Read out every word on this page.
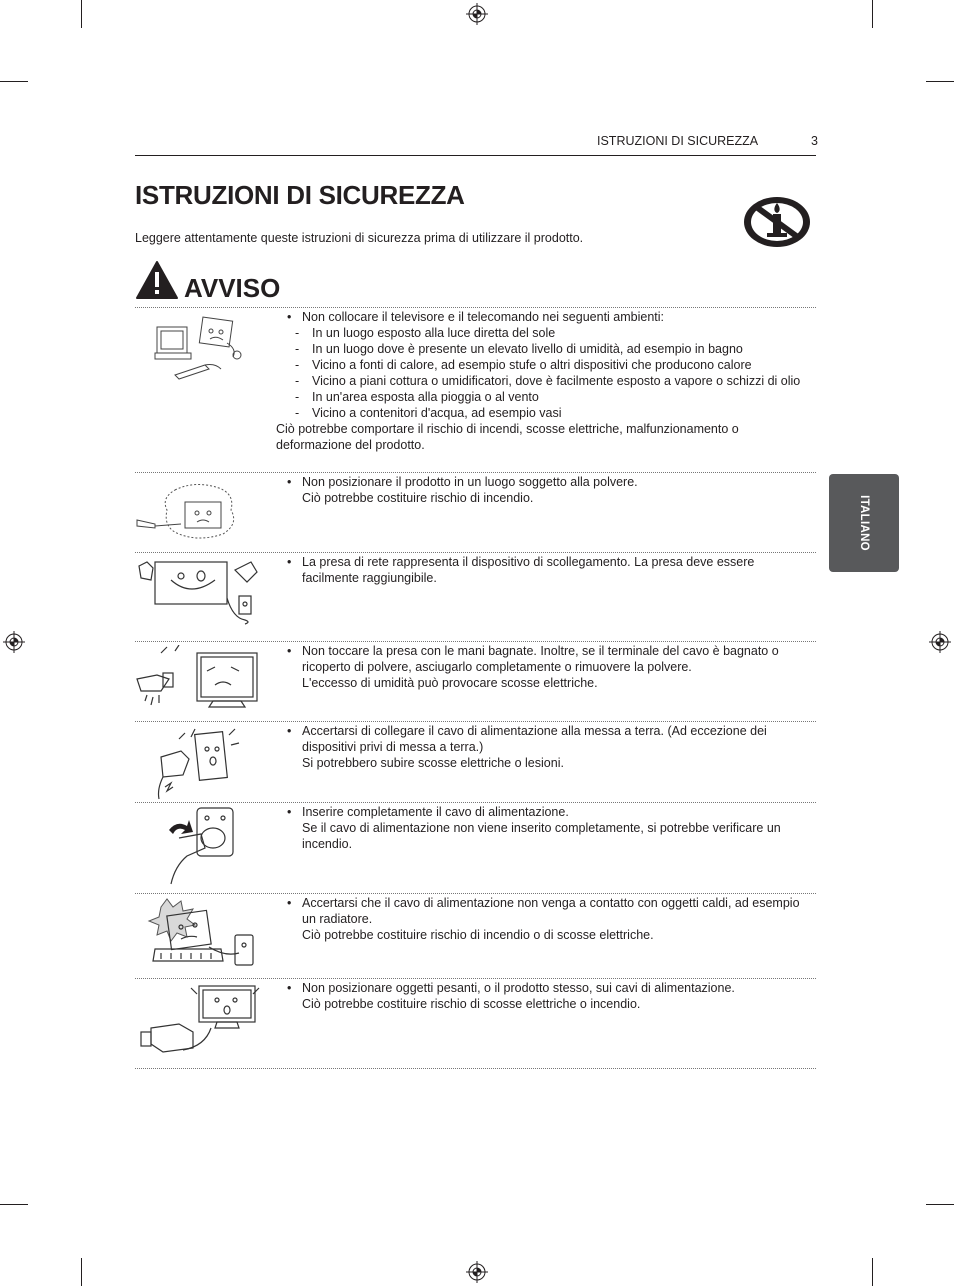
ISTRUZIONI DI SICUREZZA	3
ISTRUZIONI DI SICUREZZA
Leggere attentamente queste istruzioni di sicurezza prima di utilizzare il prodotto.
AVVISO
• Non collocare il televisore e il telecomando nei seguenti ambienti:
- In un luogo esposto alla luce diretta del sole
- In un luogo dove è presente un elevato livello di umidità, ad esempio in bagno
- Vicino a fonti di calore, ad esempio stufe o altri dispositivi che producono calore
- Vicino a piani cottura o umidificatori, dove è facilmente esposto a vapore o schizzi di olio
- In un'area esposta alla pioggia o al vento
- Vicino a contenitori d'acqua, ad esempio vasi
Ciò potrebbe comportare il rischio di incendi, scosse elettriche, malfunzionamento o deformazione del prodotto.
• Non posizionare il prodotto in un luogo soggetto alla polvere.
Ciò potrebbe costituire rischio di incendio.
• La presa di rete rappresenta il dispositivo di scollegamento. La presa deve essere facilmente raggiungibile.
• Non toccare la presa con le mani bagnate. Inoltre, se il terminale del cavo è bagnato o ricoperto di polvere, asciugarlo completamente o rimuovere la polvere.
L'eccesso di umidità può provocare scosse elettriche.
• Accertarsi di collegare il cavo di alimentazione alla messa a terra. (Ad eccezione dei dispositivi privi di messa a terra.)
Si potrebbero subire scosse elettriche o lesioni.
• Inserire completamente il cavo di alimentazione.
Se il cavo di alimentazione non viene inserito completamente, si potrebbe verificare un incendio.
• Accertarsi che il cavo di alimentazione non venga a contatto con oggetti caldi, ad esempio un radiatore.
Ciò potrebbe costituire rischio di incendio o di scosse elettriche.
• Non posizionare oggetti pesanti, o il prodotto stesso, sui cavi di alimentazione.
Ciò potrebbe costituire rischio di scosse elettriche o incendio.
ITALIANO
